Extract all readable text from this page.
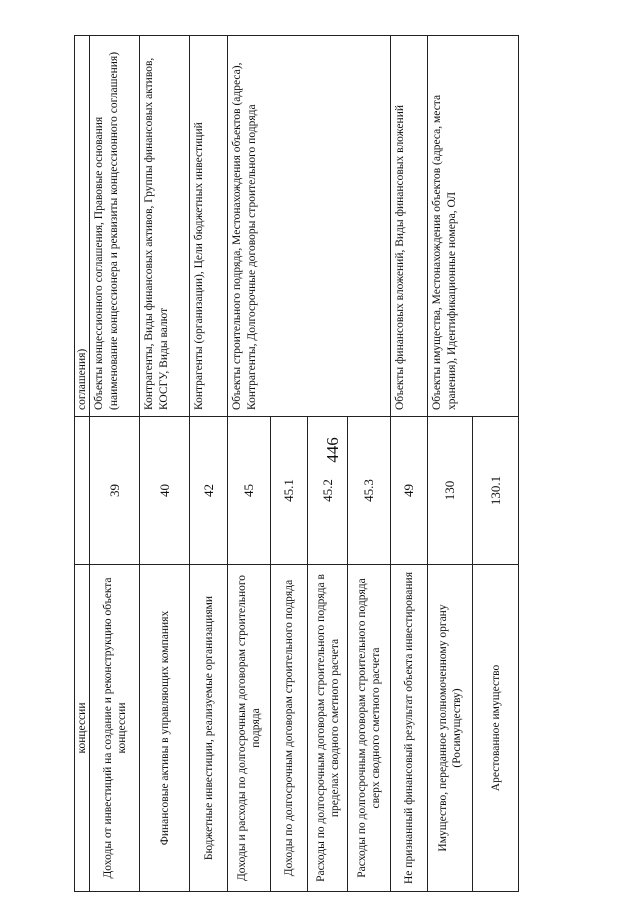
446
концессии		соглашения)
Доходы от инвестиций на создание и реконструкцию объекта концессии	39	Объекты концессионного соглашения, Правовые основания (наименование концессионера и реквизиты концессионного соглашения)
Финансовые активы в управляющих компаниях	40	Контрагенты, Виды финансовых активов, Группы финансовых активов, КОСГУ, Виды валют
Бюджетные инвестиции, реализуемые организациями	42	Контрагенты (организации), Цели бюджетных инвестиций
Доходы и расходы по долгосрочным договорам строительного подряда	45	Объекты строительного подряда, Местонахождения объектов (адреса), Контрагенты, Долгосрочные договоры строительного подряда
Доходы по долгосрочным договорам строительного подряда	45.1	
Расходы по долгосрочным договорам строительного подряда в пределах сводного сметного расчета	45.2	
Расходы по долгосрочным договорам строительного подряда сверх сводного сметного расчета	45.3	
Не признанный финансовый результат объекта инвестирования	49	Объекты финансовых вложений, Виды финансовых вложений
Имущество, переданное уполномоченному органу (Росимуществу)	130	Объекты имущества, Местонахождения объектов (адреса, места хранения), Идентификационные номера, ОЛ
Арестованное имущество	130.1	
